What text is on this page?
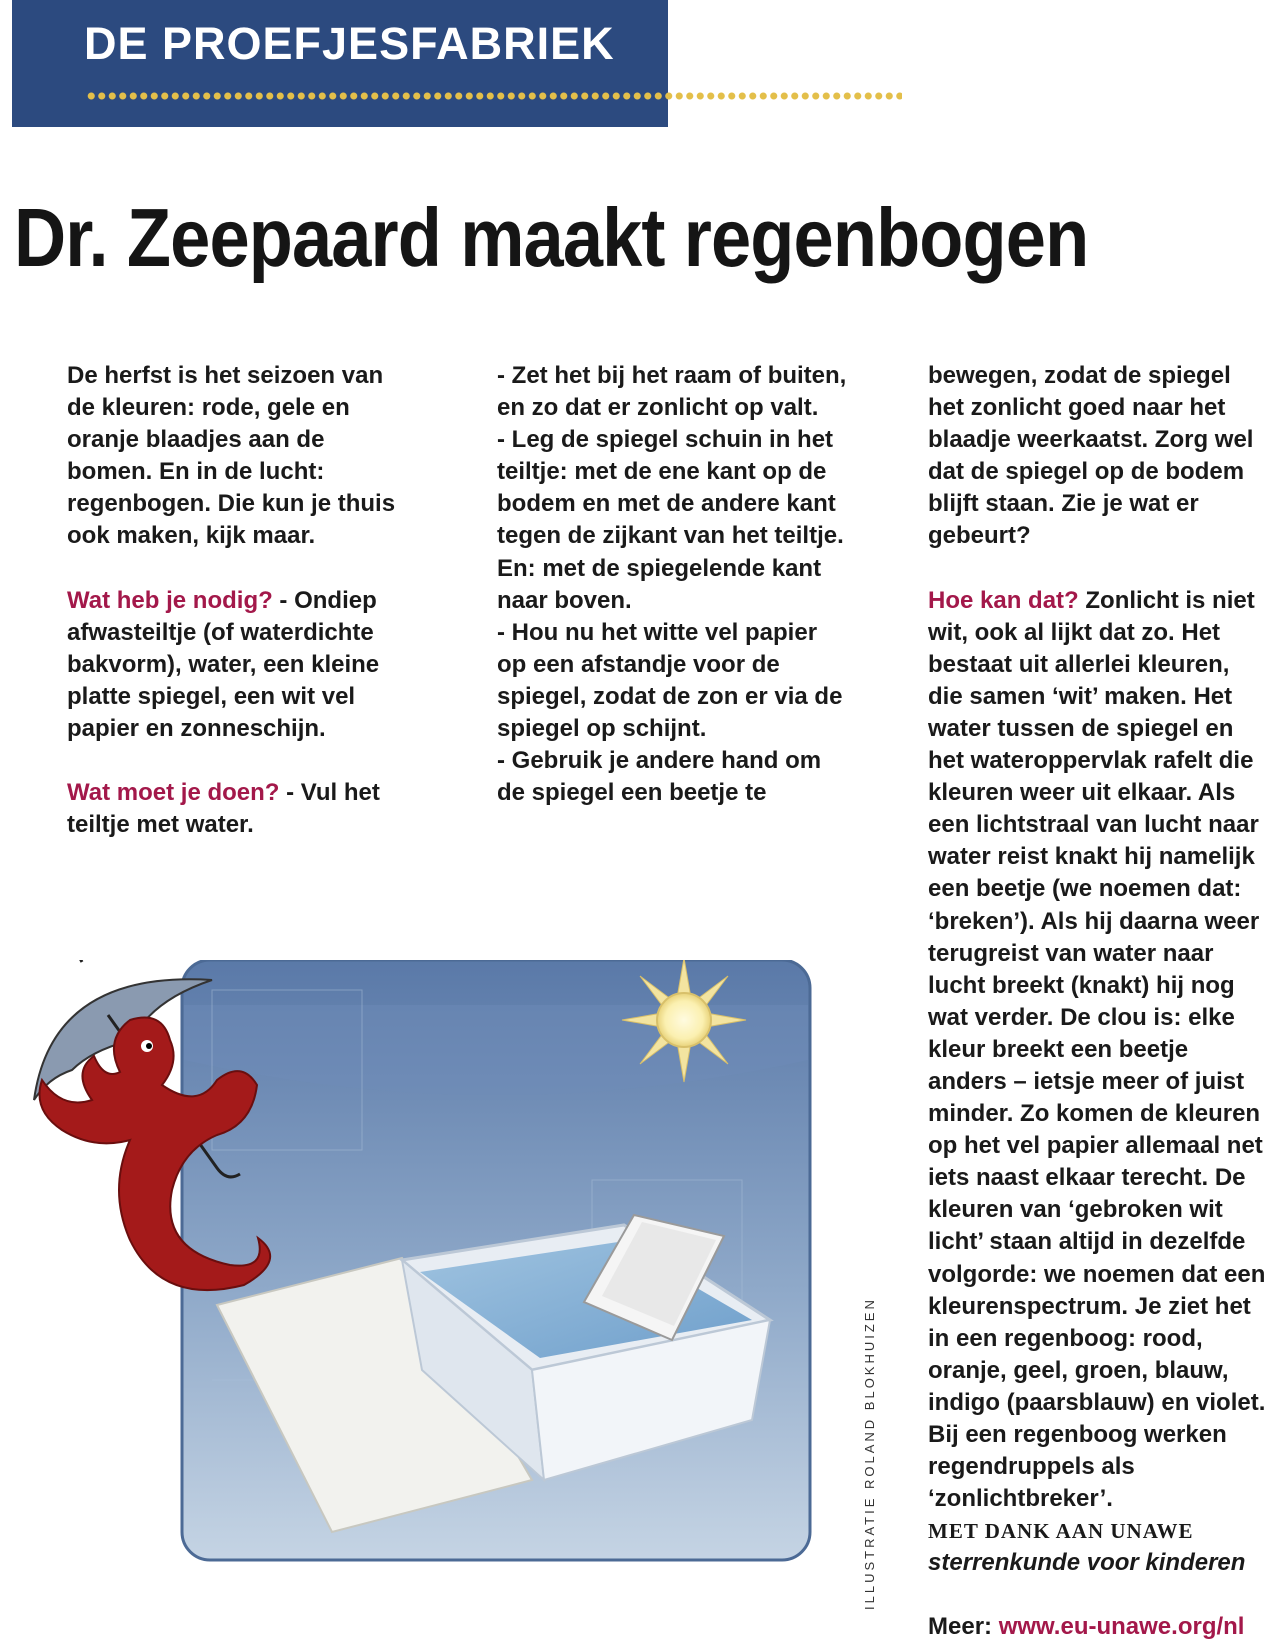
DE PROEFJESFABRIEK
Dr. Zeepaard maakt regenbogen

De herfst is het seizoen van de kleuren: rode, gele en oranje blaadjes aan de bomen. En in de lucht: regenbogen. Die kun je thuis ook maken, kijk maar.

Wat heb je nodig? - Ondiep afwasteiltje (of waterdichte bakvorm), water, een kleine platte spiegel, een wit vel papier en zonneschijn.

Wat moet je doen? - Vul het teiltje met water.

- Zet het bij het raam of buiten, en zo dat er zonlicht op valt.

- Leg de spiegel schuin in het teiltje: met de ene kant op de bodem en met de andere kant tegen de zijkant van het teiltje. En: met de spiegelende kant naar boven.

- Hou nu het witte vel papier op een afstandje voor de spiegel, zodat de zon er via de spiegel op schijnt.

- Gebruik je andere hand om de spiegel een beetje te

bewegen, zodat de spiegel het zonlicht goed naar het blaadje weerkaatst. Zorg wel dat de spiegel op de bodem blijft staan. Zie je wat er gebeurt?

Hoe kan dat? Zonlicht is niet wit, ook al lijkt dat zo. Het bestaat uit allerlei kleuren, die samen ‘wit’ maken. Het water tussen de spiegel en het wateroppervlak rafelt die kleuren weer uit elkaar. Als een lichtstraal van lucht naar water reist knakt hij namelijk een beetje (we noemen dat: ‘breken’). Als hij daarna weer terugreist van water naar lucht breekt (knakt) hij nog wat verder. De clou is: elke kleur breekt een beetje anders – ietsje meer of juist minder. Zo komen de kleuren op het vel papier allemaal net iets naast elkaar terecht. De kleuren van ‘gebroken wit licht’ staan altijd in dezelfde volgorde: we noemen dat een kleurenspectrum. Je ziet het in een regenboog: rood, oranje, geel, groen, blauw, indigo (paarsblauw) en violet. Bij een regenboog werken regendruppels als ‘zonlichtbreker’.

MET DANK AAN UNAWE

sterrenkunde voor kinderen

Meer: www.eu-unawe.org/nl

ILLUSTRATIE ROLAND BLOKHUIZEN
